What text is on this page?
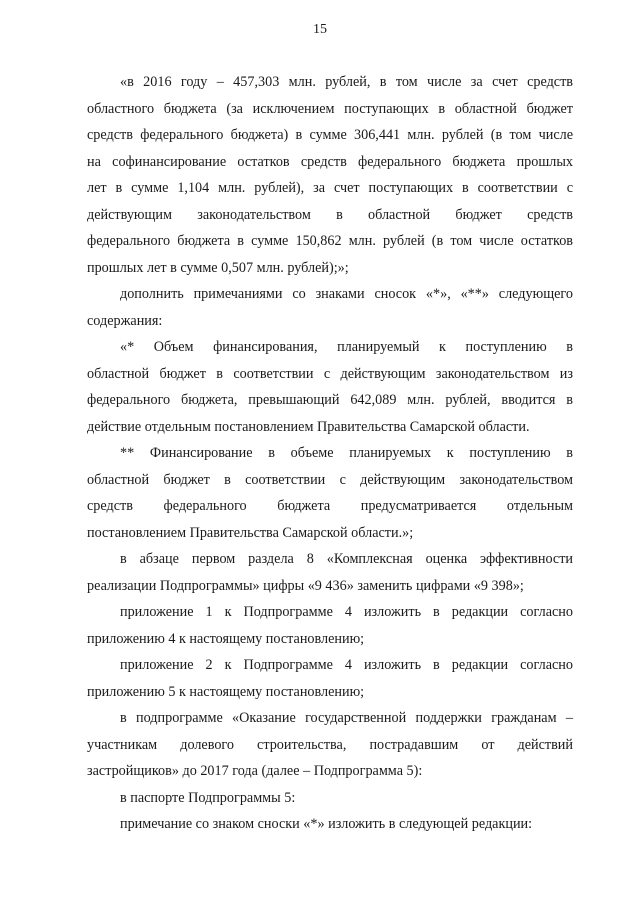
15
«в 2016 году – 457,303 млн. рублей, в том числе за счет средств
областного бюджета (за исключением поступающих в областной бюджет
средств федерального бюджета) в сумме 306,441 млн. рублей (в том числе
на софинансирование остатков средств федерального бюджета прошлых
лет в сумме 1,104 млн. рублей), за счет поступающих в соответствии с
действующим законодательством в областной бюджет средств
федерального бюджета в сумме 150,862 млн. рублей (в том числе остатков
прошлых лет в сумме 0,507 млн. рублей);»;
дополнить примечаниями со знаками сносок «*», «**» следующего
содержания:
«* Объем финансирования, планируемый к поступлению в
областной бюджет в соответствии с действующим законодательством из
федерального бюджета, превышающий 642,089 млн. рублей, вводится в
действие отдельным постановлением Правительства Самарской области.
** Финансирование в объеме планируемых к поступлению в
областной бюджет в соответствии с действующим законодательством
средств федерального бюджета предусматривается отдельным
постановлением Правительства Самарской области.»;
в абзаце первом раздела 8 «Комплексная оценка эффективности
реализации Подпрограммы» цифры «9 436» заменить цифрами «9 398»;
приложение 1 к Подпрограмме 4 изложить в редакции согласно
приложению 4 к настоящему постановлению;
приложение 2 к Подпрограмме 4 изложить в редакции согласно
приложению 5 к настоящему постановлению;
в подпрограмме «Оказание государственной поддержки гражданам –
участникам долевого строительства, пострадавшим от действий
застройщиков» до 2017 года (далее – Подпрограмма 5):
в паспорте Подпрограммы 5:
примечание со знаком сноски «*» изложить в следующей редакции:
